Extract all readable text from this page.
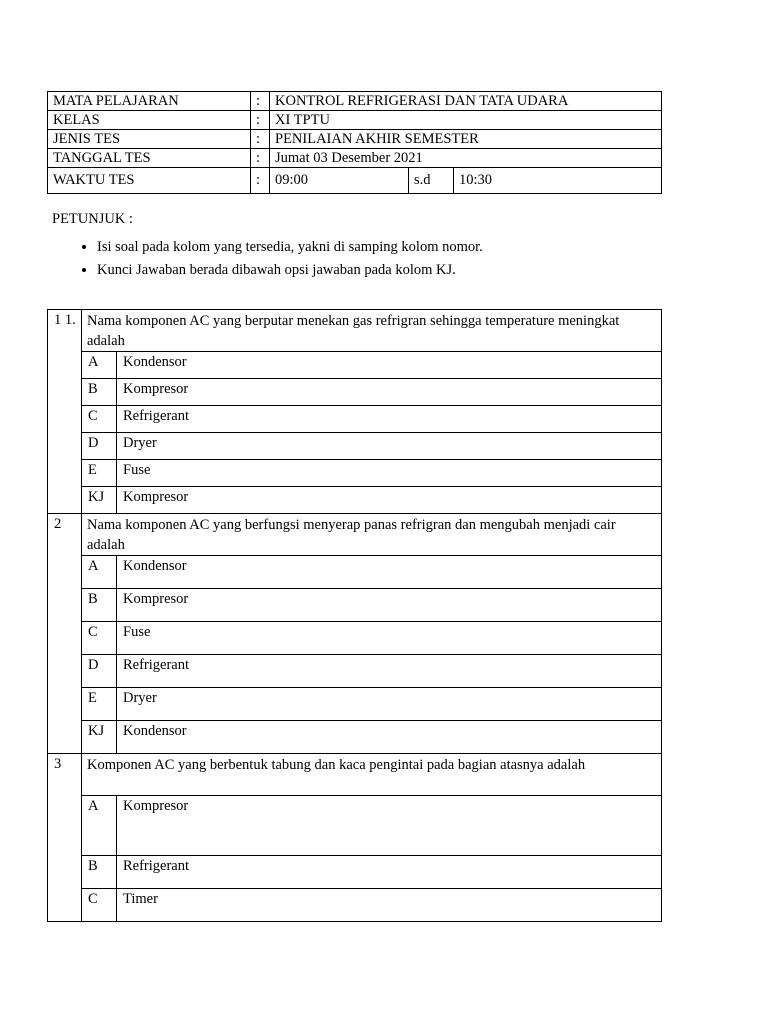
MATA PELAJARAN	:	KONTROL REFRIGERASI DAN TATA UDARA		
KELAS	:	XI TPTU		
JENIS TES	:	PENILAIAN AKHIR SEMESTER		
TANGGAL TES	:	Jumat 03 Desember 2021		
WAKTU TES	:	09:00	s.d	10:30
PETUNJUK :
• Isi soal pada kolom yang tersedia, yakni di samping kolom nomor.
• Kunci Jawaban berada dibawah opsi jawaban pada kolom KJ.
1 1.	Nama komponen AC yang berputar menekan gas refrigran sehingga temperature meningkat adalah	
	A	Kondensor
	B	Kompresor
	C	Refrigerant
	D	Dryer
	E	Fuse
	KJ	Kompresor
2	Nama komponen AC yang berfungsi menyerap panas refrigran dan mengubah menjadi cair adalah	
	A	Kondensor
	B	Kompresor
	C	Fuse
	D	Refrigerant
	E	Dryer
	KJ	Kondensor
3	Komponen AC yang berbentuk tabung dan kaca pengintai pada bagian atasnya adalah	
	A	Kompresor
	B	Refrigerant
	C	Timer
